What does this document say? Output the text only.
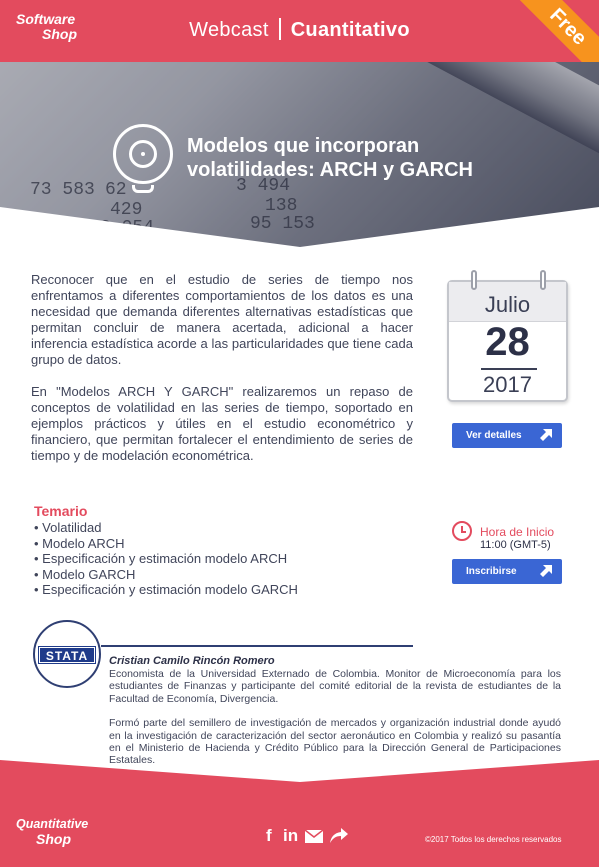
Software
Shop	Webcast Cuantitativo	Free
73 583 62
429
3 494
138
95 153
Modelos que incorporan volatilidades: ARCH y GARCH

Reconocer que en el estudio de series de tiempo nos enfrentamos a diferentes comportamientos de los datos es una necesidad que demanda diferentes alternativas estadísticas que permitan concluir de manera acertada, adicional a hacer inferencia estadística acorde a las particularidades que tiene cada grupo de datos.

En "Modelos ARCH Y GARCH" realizaremos un repaso de conceptos de volatilidad en las series de tiempo, soportado en ejemplos prácticos y útiles en el estudio econométrico y financiero, que permitan fortalecer el entendimiento de series de tiempo y de modelación econométrica.

Temario
• Volatilidad
• Modelo ARCH
• Especificación y estimación modelo ARCH
• Modelo GARCH
• Especificación y estimación modelo GARCH
Julio
28
2017
Ver detalles
Hora de Inicio
11:00 (GMT-5)
Inscribirse
STATA	Cristian Camilo Rincón Romero

Economista de la Universidad Externado de Colombia. Monitor de Microeconomía para los estudiantes de Finanzas y participante del comité editorial de la revista de estudiantes de la Facultad de Economía, Divergencia.

Formó parte del semillero de investigación de mercados y organización industrial donde ayudó en la investigación de caracterización del sector aeronáutico en Colombia y realizó su pasantía en el Ministerio de Hacienda y Crédito Público para la Dirección General de Participaciones Estatales.

Quantitative
Shop	f in	©2017 Todos los derechos reservados
